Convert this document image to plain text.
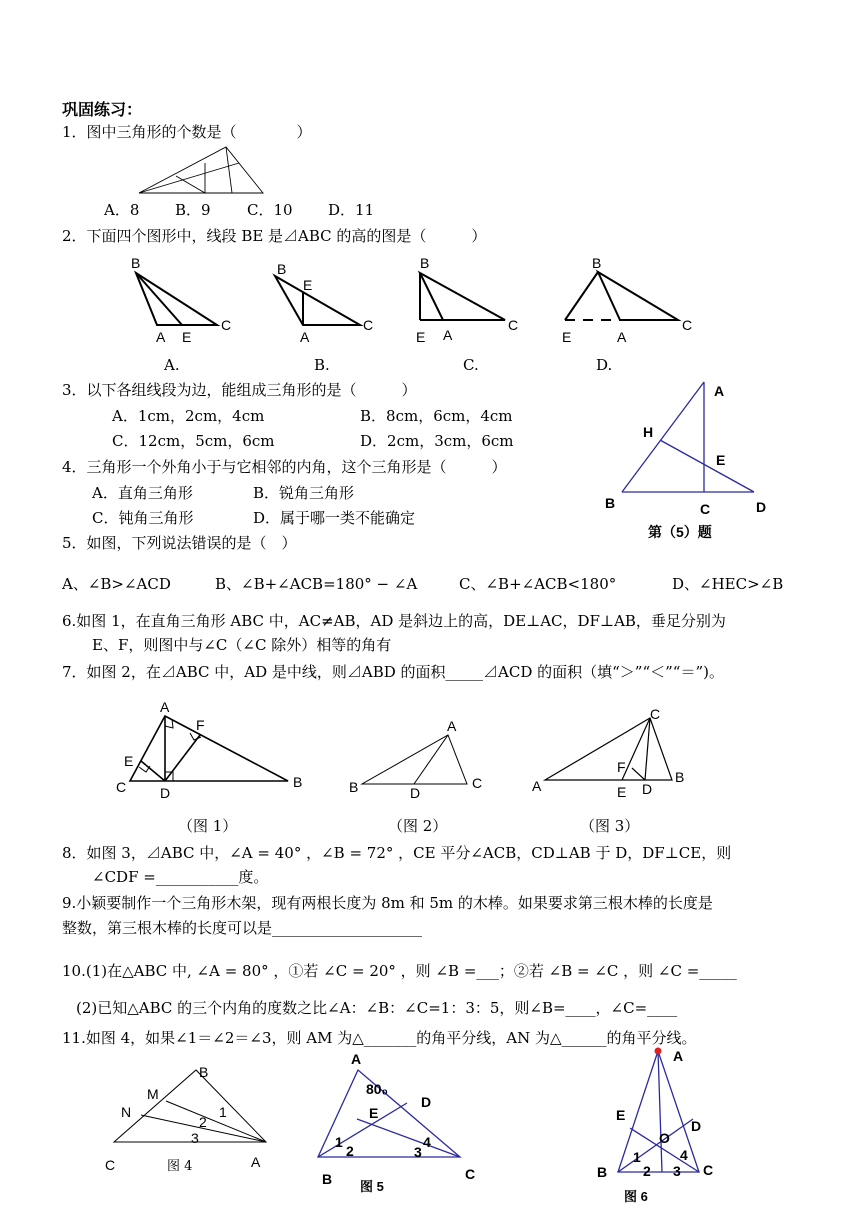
巩固练习：
1．图中三角形的个数是（　　　　）
A．8 B．9 C．10 D．11
2．下面四个图形中，线段 BE 是⊿ABC 的高的图是（　　　）
A.	B.	C.	D.
3．以下各组线段为边，能组成三角形的是（　　　）
A．1cm，2cm，4cm	B．8cm，6cm，4cm
C．12cm，5cm，6cm	D．2cm，3cm，6cm
4．三角形一个外角小于与它相邻的内角，这个三角形是（　　　）
A．直角三角形	B．锐角三角形
C．钝角三角形	D．属于哪一类不能确定
5．如图，下列说法错误的是（　）
A、∠B>∠ACD	B、∠B+∠ACB=180° − ∠A	C、∠B+∠ACB<180°	D、∠HEC>∠B
第（5）题
6.如图 1，在直角三角形 ABC 中，AC≠AB，AD 是斜边上的高，DE⊥AC，DF⊥AB，垂足分别为
E、F，则图中与∠C（∠C 除外）相等的角有
7．如图 2，在⊿ABC 中，AD 是中线，则⊿ABD 的面积_____⊿ACD 的面积（填“＞”“＜”“＝”)。
（图 1）	（图 2）	（图 3）
8．如图 3，⊿ABC 中，∠A = 40° ，∠B = 72° ，CE 平分∠ACB，CD⊥AB 于 D，DF⊥CE，则
∠CDF =___________度。
9.小颖要制作一个三角形木架，现有两根长度为 8m 和 5m 的木棒。如果要求第三根木棒的长度是
整数，第三根木棒的长度可以是____________________
10.(1)在△ABC 中, ∠A = 80° ，①若 ∠C = 20° ，则 ∠B =___；②若 ∠B = ∠C ，则 ∠C =_____
(2)已知△ABC 的三个内角的度数之比∠A：∠B：∠C=1：3：5，则∠B=____，∠C=____
11.如图 4，如果∠1＝∠2＝∠3，则 AM 为△_______的角平分线，AN 为△______的角平分线。
图 4
图 5
图 6
B
A E
C
B
E
A
C
B
E A
C
B
E	A
C
A
H
E
B	C	D
A
F
E
C D
B
A
B	D
C
C
F
A	E D
B
B
M
N	1
2
3
C	A
A
80₀
D
E
1
2
4
3
B	C
A
E
D
O
1
2 3
4
B	C
